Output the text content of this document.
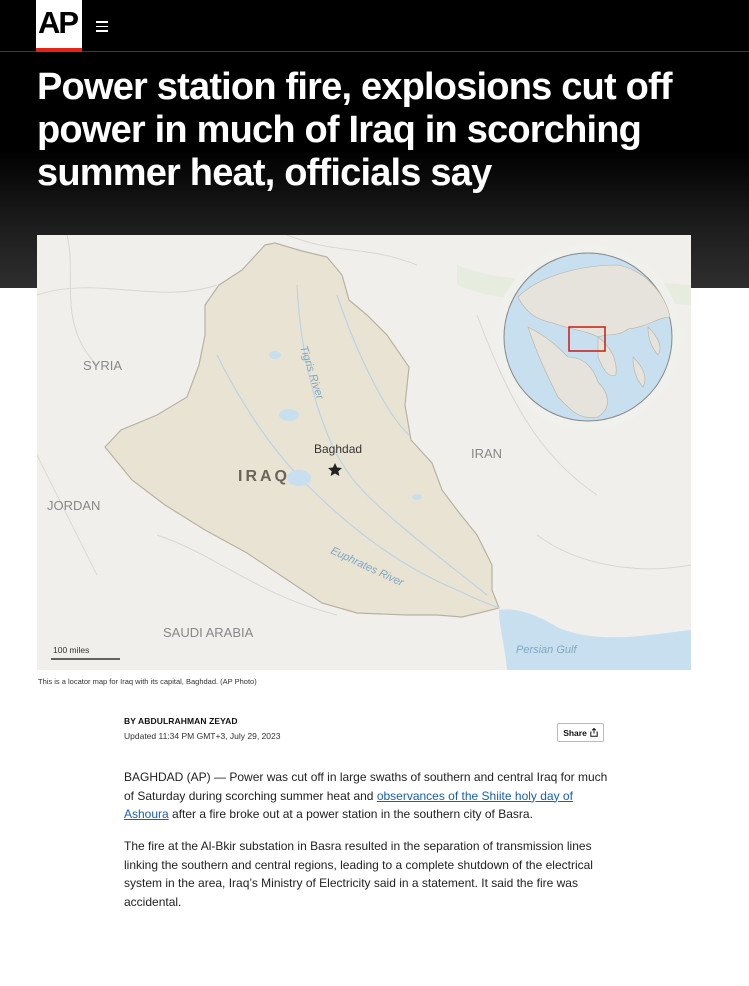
AP
Power station fire, explosions cut off power in much of Iraq in scorching summer heat, officials say
SYRIA
JORDAN
SAUDI ARABIA
IRAN
IRAQ
Baghdad
Tigris River
Euphrates River
Persian Gulf
100 miles
This is a locator map for Iraq with its capital, Baghdad. (AP Photo)
BY ABDULRAHMAN ZEYAD
Updated 11:34 PM GMT+3, July 29, 2023	Share

BAGHDAD (AP) — Power was cut off in large swaths of southern and central Iraq for much of Saturday during scorching summer heat and observances of the Shiite holy day of Ashoura after a fire broke out at a power station in the southern city of Basra.

The fire at the Al-Bkir substation in Basra resulted in the separation of transmission lines linking the southern and central regions, leading to a complete shutdown of the electrical system in the area, Iraq’s Ministry of Electricity said in a statement. It said the fire was accidental.
